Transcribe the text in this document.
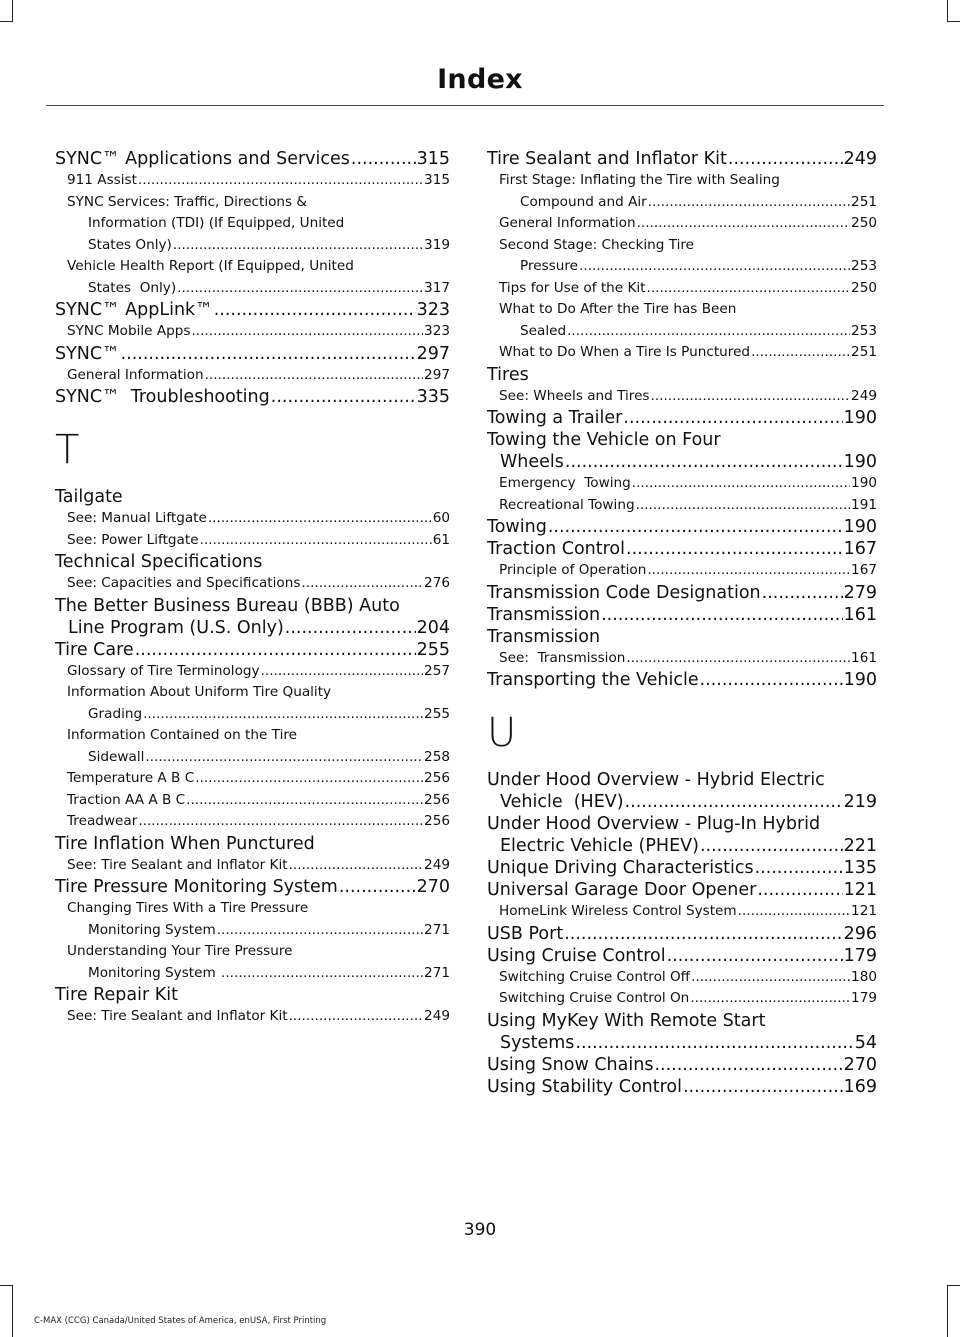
Index
SYNC™ Applications and Services .....	315
911 Assist .....	315
SYNC Services: Traffic, Directions &
Information (TDI) (If Equipped, United
States Only) .....	319
Vehicle Health Report (If Equipped, United
States  Only) .....	317
SYNC™ AppLink™ .....	323
SYNC Mobile Apps .....	323
SYNC™ .....	297
General Information .....	297
SYNC™  Troubleshooting .....	335
T
Tailgate
See: Manual Liftgate .....	60
See: Power Liftgate .....	61
Technical Specifications
See: Capacities and Specifications .....	276
The Better Business Bureau (BBB) Auto
Line Program (U.S. Only) .....	204
Tire Care .....	255
Glossary of Tire Terminology .....	257
Information About Uniform Tire Quality
Grading .....	255
Information Contained on the Tire
Sidewall .....	258
Temperature A B C .....	256
Traction AA A B C .....	256
Treadwear .....	256
Tire Inflation When Punctured
See: Tire Sealant and Inflator Kit .....	249
Tire Pressure Monitoring System .....	270
Changing Tires With a Tire Pressure
Monitoring System .....	271
Understanding Your Tire Pressure
Monitoring System .....	271
Tire Repair Kit
See: Tire Sealant and Inflator Kit .....	249
Tire Sealant and Inflator Kit .....	249
First Stage: Inflating the Tire with Sealing
Compound and Air .....	251
General Information .....	250
Second Stage: Checking Tire
Pressure .....	253
Tips for Use of the Kit .....	250
What to Do After the Tire has Been
Sealed .....	253
What to Do When a Tire Is Punctured .....	251
Tires
See: Wheels and Tires .....	249
Towing a Trailer .....	190
Towing the Vehicle on Four
Wheels .....	190
Emergency  Towing .....	190
Recreational Towing .....	191
Towing .....	190
Traction Control .....	167
Principle of Operation .....	167
Transmission Code Designation .....	279
Transmission .....	161
Transmission
See:  Transmission .....	161
Transporting the Vehicle .....	190
U
Under Hood Overview - Hybrid Electric
Vehicle  (HEV) .....	219
Under Hood Overview - Plug-In Hybrid
Electric Vehicle (PHEV) .....	221
Unique Driving Characteristics .....	135
Universal Garage Door Opener .....	121
HomeLink Wireless Control System .....	121
USB Port .....	296
Using Cruise Control .....	179
Switching Cruise Control Off .....	180
Switching Cruise Control On .....	179
Using MyKey With Remote Start
Systems .....	54
Using Snow Chains .....	270
Using Stability Control .....	169
390
C-MAX (CCG) Canada/United States of America, enUSA, First Printing
